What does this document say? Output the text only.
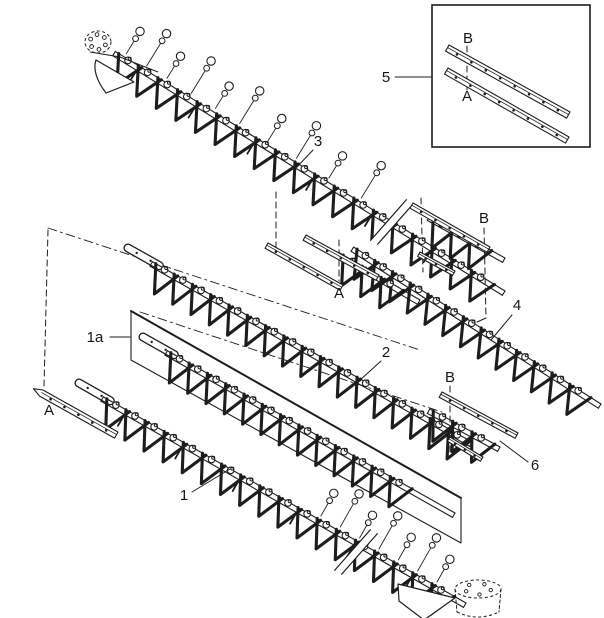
3
5
B
A
A
B
1a
2
4
B
6
A
1
